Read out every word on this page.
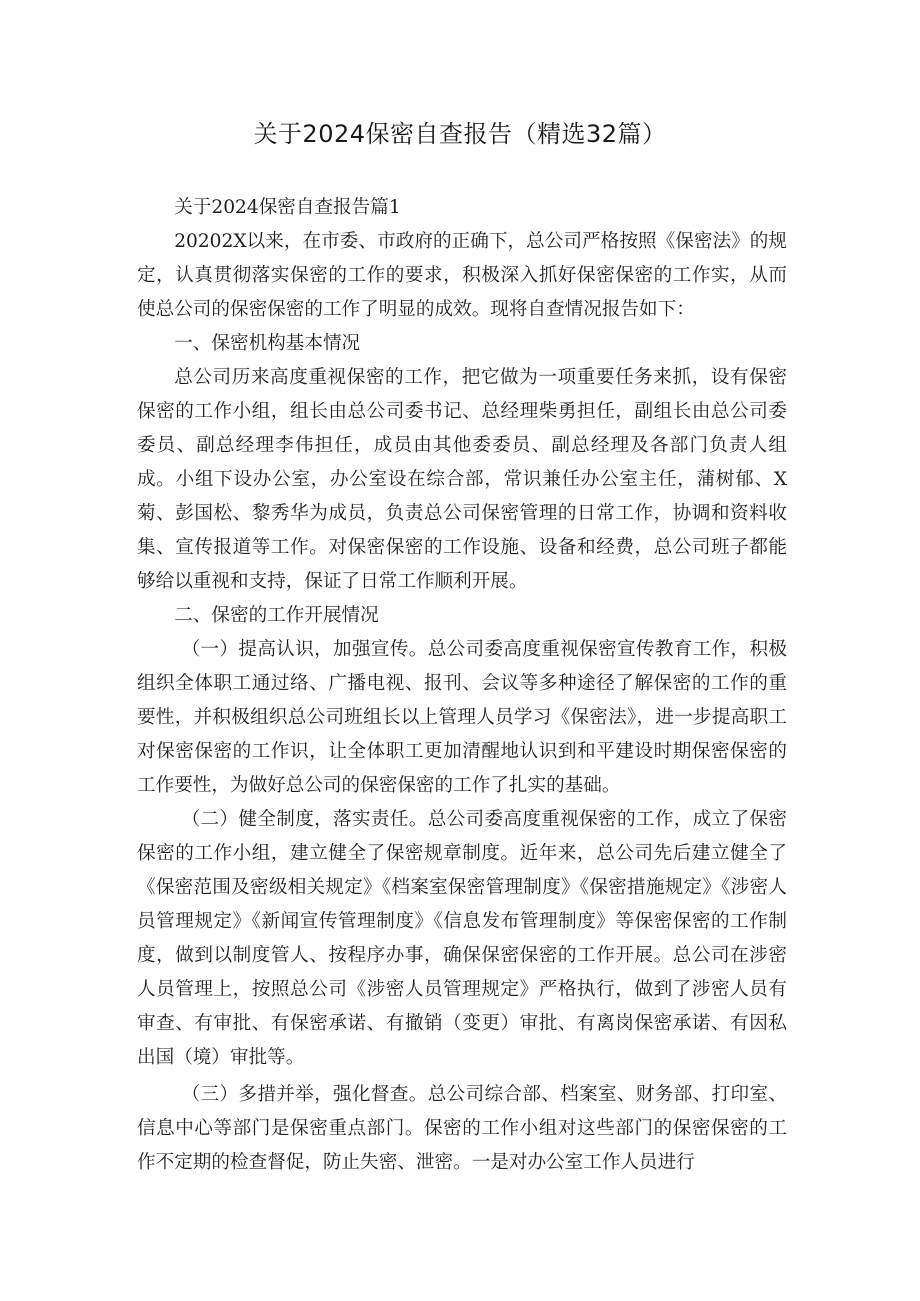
关于2024保密自查报告（精选32篇）

关于2024保密自查报告篇1

20202X以来，在市委、市政府的正确下，总公司严格按照《保密法》的规定，认真贯彻落实保密的工作的要求，积极深入抓好保密保密的工作实，从而使总公司的保密保密的工作了明显的成效。现将自查情况报告如下：

一、保密机构基本情况

总公司历来高度重视保密的工作，把它做为一项重要任务来抓，设有保密保密的工作小组，组长由总公司委书记、总经理柴勇担任，副组长由总公司委委员、副总经理李伟担任，成员由其他委委员、副总经理及各部门负责人组成。小组下设办公室，办公室设在综合部，常识兼任办公室主任，蒲树郁、X菊、彭国松、黎秀华为成员，负责总公司保密管理的日常工作，协调和资料收集、宣传报道等工作。对保密保密的工作设施、设备和经费，总公司班子都能够给以重视和支持，保证了日常工作顺利开展。

二、保密的工作开展情况

（一）提高认识，加强宣传。总公司委高度重视保密宣传教育工作，积极组织全体职工通过络、广播电视、报刊、会议等多种途径了解保密的工作的重要性，并积极组织总公司班组长以上管理人员学习《保密法》，进一步提高职工对保密保密的工作识，让全体职工更加清醒地认识到和平建设时期保密保密的工作要性，为做好总公司的保密保密的工作了扎实的基础。

（二）健全制度，落实责任。总公司委高度重视保密的工作，成立了保密保密的工作小组，建立健全了保密规章制度。近年来，总公司先后建立健全了《保密范围及密级相关规定》《档案室保密管理制度》《保密措施规定》《涉密人员管理规定》《新闻宣传管理制度》《信息发布管理制度》等保密保密的工作制度，做到以制度管人、按程序办事，确保保密保密的工作开展。总公司在涉密人员管理上，按照总公司《涉密人员管理规定》严格执行，做到了涉密人员有审查、有审批、有保密承诺、有撤销（变更）审批、有离岗保密承诺、有因私出国（境）审批等。

（三）多措并举，强化督查。总公司综合部、档案室、财务部、打印室、信息中心等部门是保密重点部门。保密的工作小组对这些部门的保密保密的工作不定期的检查督促，防止失密、泄密。一是对办公室工作人员进行
